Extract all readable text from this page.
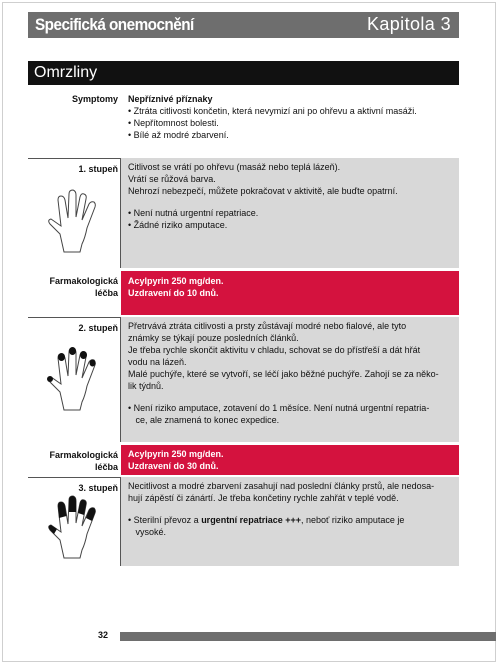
Specifická onemocnění	Kapitola 3
Omrzliny
Symptomy Nepříznivé příznaky

• Ztráta citlivosti končetin, která nevymizí ani po ohřevu a aktivní masáži.

• Nepřítomnost bolesti.

• Bílé až modré zbarvení.

1. stupeň Citlivost se vrátí po ohřevu (masáž nebo teplá lázeň).

Vrátí se růžová barva.

Nehrozí nebezpečí, můžete pokračovat v aktivitě, ale buďte opatrní.

• Není nutná urgentní repatriace.

• Žádné riziko amputace.

Farmakologická
léčba

Acylpyrin 250 mg/den.

Uzdravení do 10 dnů.

2. stupeň Přetrvává ztráta citlivosti a prsty zůstávají modré nebo fialové, ale tyto

známky se týkají pouze posledních článků.

Je třeba rychle skončit aktivitu v chladu, schovat se do přístřeší a dát hřát

vodu na lázeň.

Malé puchýře, které se vytvoří, se léčí jako běžné puchýře. Zahojí se za něko-

lik týdnů.

• Není riziko amputace, zotavení do 1 měsíce. Není nutná urgentní repatria-

ce, ale znamená to konec expedice.

Farmakologická
léčba

Acylpyrin 250 mg/den.

Uzdravení do 30 dnů.

3. stupeň Necitlivost a modré zbarvení zasahují nad poslední články prstů, ale nedosa-

hují zápěstí či zánártí. Je třeba končetiny rychle zahřát v teplé vodě.

• Sterilní převoz a urgentní repatriace +++, neboť riziko amputace je

vysoké.

32
